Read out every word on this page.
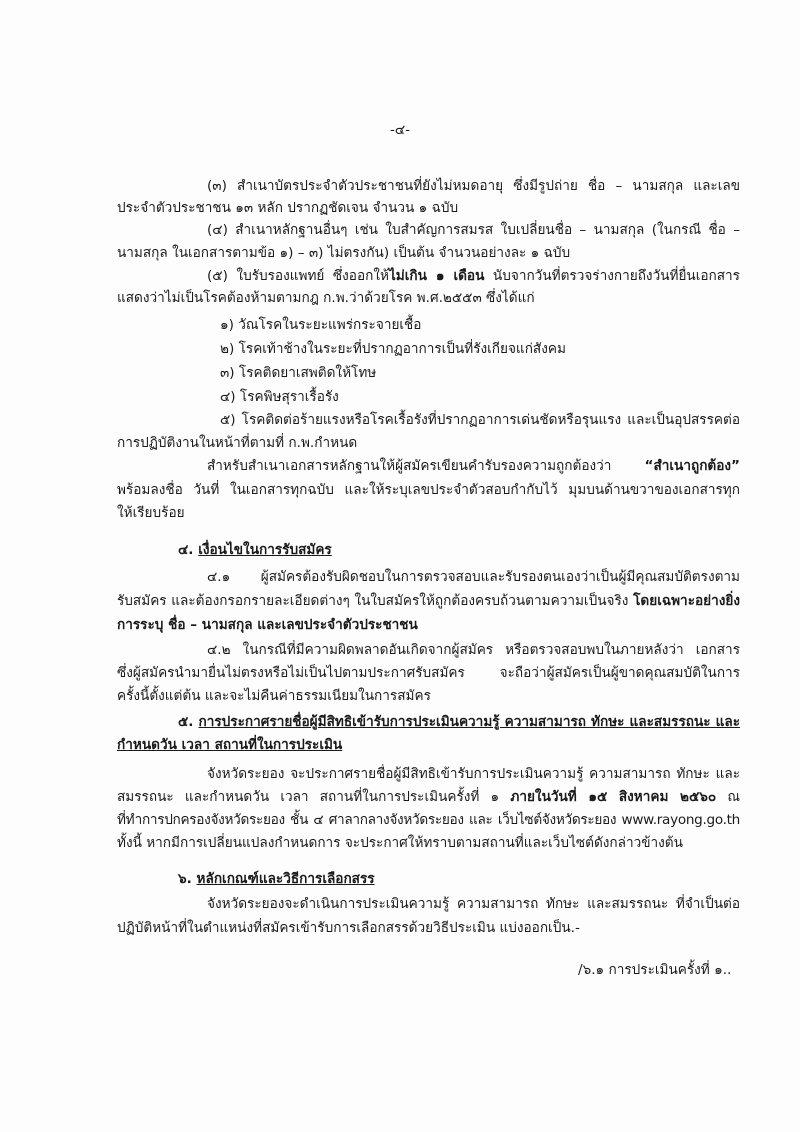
-๔-
(๓) สำเนาบัตรประจำตัวประชาชนที่ยังไม่หมดอายุ ซึ่งมีรูปถ่าย ชื่อ – นามสกุล และเลข
ประจำตัวประชาชน ๑๓ หลัก ปรากฏชัดเจน จำนวน ๑ ฉบับ
(๔) สำเนาหลักฐานอื่นๆ เช่น ใบสำคัญการสมรส ใบเปลี่ยนชื่อ – นามสกุล (ในกรณี ชื่อ –
นามสกุล ในเอกสารตามข้อ ๑) – ๓) ไม่ตรงกัน) เป็นต้น จำนวนอย่างละ ๑ ฉบับ
(๕) ใบรับรองแพทย์ ซึ่งออกให้ไม่เกิน ๑ เดือน นับจากวันที่ตรวจร่างกายถึงวันที่ยื่นเอกสาร
แสดงว่าไม่เป็นโรคต้องห้ามตามกฎ ก.พ.ว่าด้วยโรค พ.ศ.๒๕๕๓ ซึ่งได้แก่
๑) วัณโรคในระยะแพร่กระจายเชื้อ
๒) โรคเท้าช้างในระยะที่ปรากฏอาการเป็นที่รังเกียจแก่สังคม
๓) โรคติดยาเสพติดให้โทษ
๔) โรคพิษสุราเรื้อรัง
๕) โรคติดต่อร้ายแรงหรือโรคเรื้อรังที่ปรากฏอาการเด่นชัดหรือรุนแรง และเป็นอุปสรรคต่อ
การปฏิบัติงานในหน้าที่ตามที่ ก.พ.กำหนด
สำหรับสำเนาเอกสารหลักฐานให้ผู้สมัครเขียนคำรับรองความถูกต้องว่า “สำเนาถูกต้อง”
พร้อมลงชื่อ วันที่ ในเอกสารทุกฉบับ และให้ระบุเลขประจำตัวสอบกำกับไว้ มุมบนด้านขวาของเอกสารทุก
ให้เรียบร้อย
๔. เงื่อนไขในการรับสมัคร
๔.๑ ผู้สมัครต้องรับผิดชอบในการตรวจสอบและรับรองตนเองว่าเป็นผู้มีคุณสมบัติตรงตาม
รับสมัคร และต้องกรอกรายละเอียดต่างๆ ในใบสมัครให้ถูกต้องครบถ้วนตามความเป็นจริง โดยเฉพาะอย่างยิ่ง
การระบุ ชื่อ – นามสกุล และเลขประจำตัวประชาชน
๔.๒ ในกรณีที่มีความผิดพลาดอันเกิดจากผู้สมัคร หรือตรวจสอบพบในภายหลังว่า เอกสาร
ซึ่งผู้สมัครนำมายื่นไม่ตรงหรือไม่เป็นไปตามประกาศรับสมัคร จะถือว่าผู้สมัครเป็นผู้ขาดคุณสมบัติในการ
ครั้งนี้ตั้งแต่ต้น และจะไม่คืนค่าธรรมเนียมในการสมัคร
๕. การประกาศรายชื่อผู้มีสิทธิเข้ารับการประเมินความรู้ ความสามารถ ทักษะ และสมรรถนะ และ
กำหนดวัน เวลา สถานที่ในการประเมิน
จังหวัดระยอง จะประกาศรายชื่อผู้มีสิทธิเข้ารับการประเมินความรู้ ความสามารถ ทักษะ และ
สมรรถนะ และกำหนดวัน เวลา สถานที่ในการประเมินครั้งที่ ๑ ภายในวันที่ ๑๕ สิงหาคม ๒๕๖๐ ณ
ที่ทำการปกครองจังหวัดระยอง ชั้น ๔ ศาลากลางจังหวัดระยอง และ เว็บไซต์จังหวัดระยอง www.rayong.go.th
ทั้งนี้ หากมีการเปลี่ยนแปลงกำหนดการ จะประกาศให้ทราบตามสถานที่และเว็บไซต์ดังกล่าวข้างต้น
๖. หลักเกณฑ์และวิธีการเลือกสรร
จังหวัดระยองจะดำเนินการประเมินความรู้ ความสามารถ ทักษะ และสมรรถนะ ที่จำเป็นต่อ
ปฏิบัติหน้าที่ในตำแหน่งที่สมัครเข้ารับการเลือกสรรด้วยวิธีประเมิน แบ่งออกเป็น.-
/๖.๑ การประเมินครั้งที่ ๑..
